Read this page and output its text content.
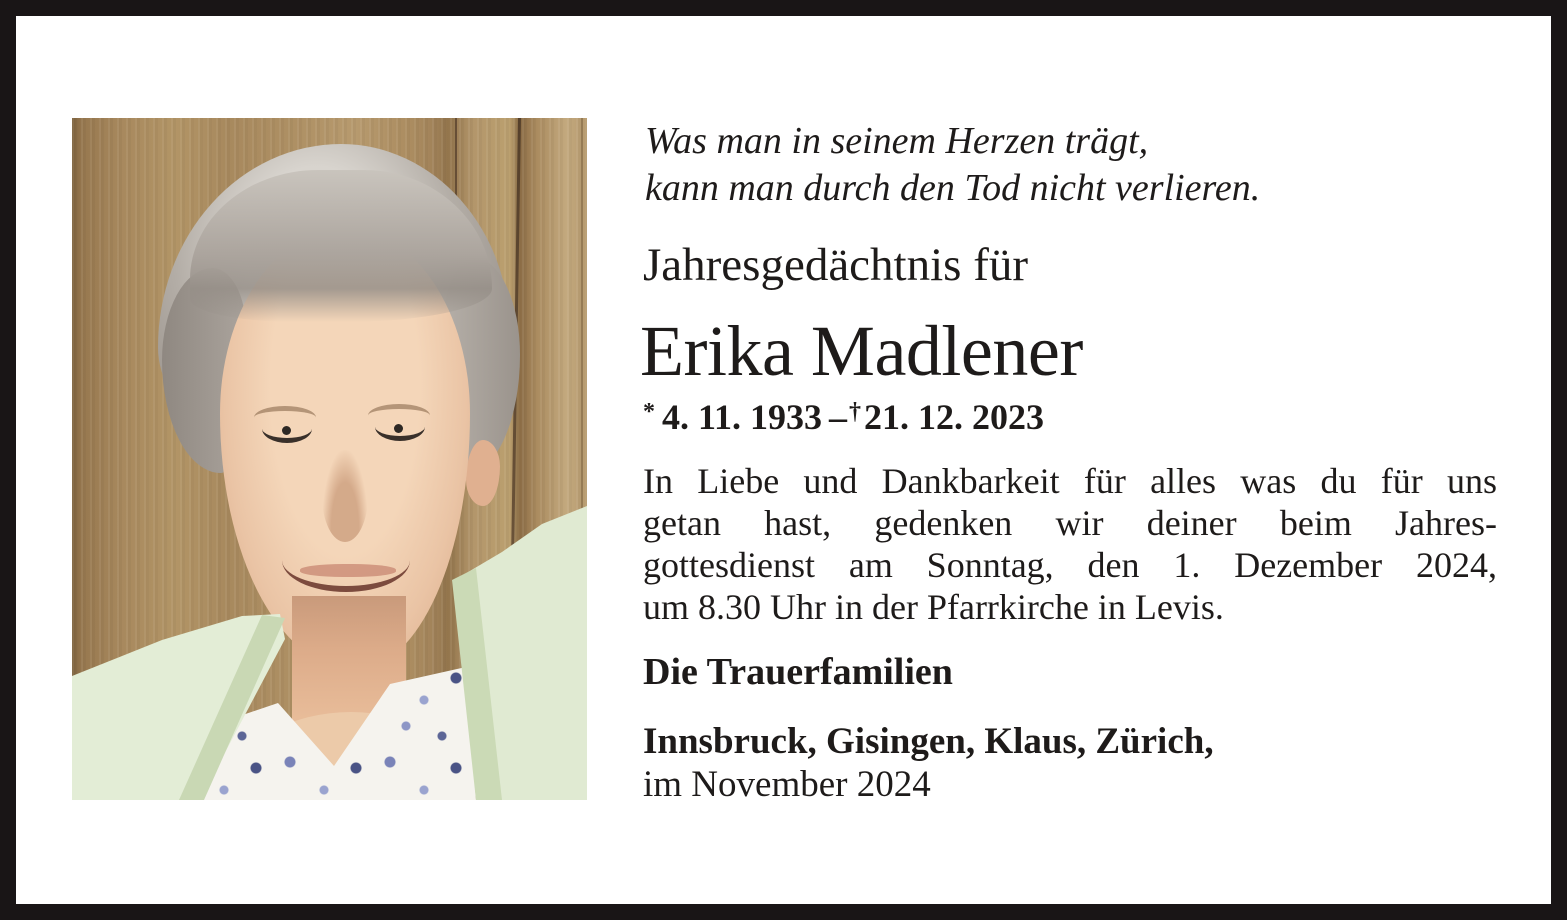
Was man in seinem Herzen trägt,
kann man durch den Tod nicht verlieren.
Jahresgedächtnis für
Erika Madlener
* 4. 11. 1933 –†21. 12. 2023
In Liebe und Dankbarkeit für alles was du für uns
getan hast, gedenken wir deiner beim Jahres-
gottesdienst am Sonntag, den 1. Dezember 2024,
um 8.30 Uhr in der Pfarrkirche in Levis.
Die Trauerfamilien
Innsbruck, Gisingen, Klaus, Zürich,
im November 2024
